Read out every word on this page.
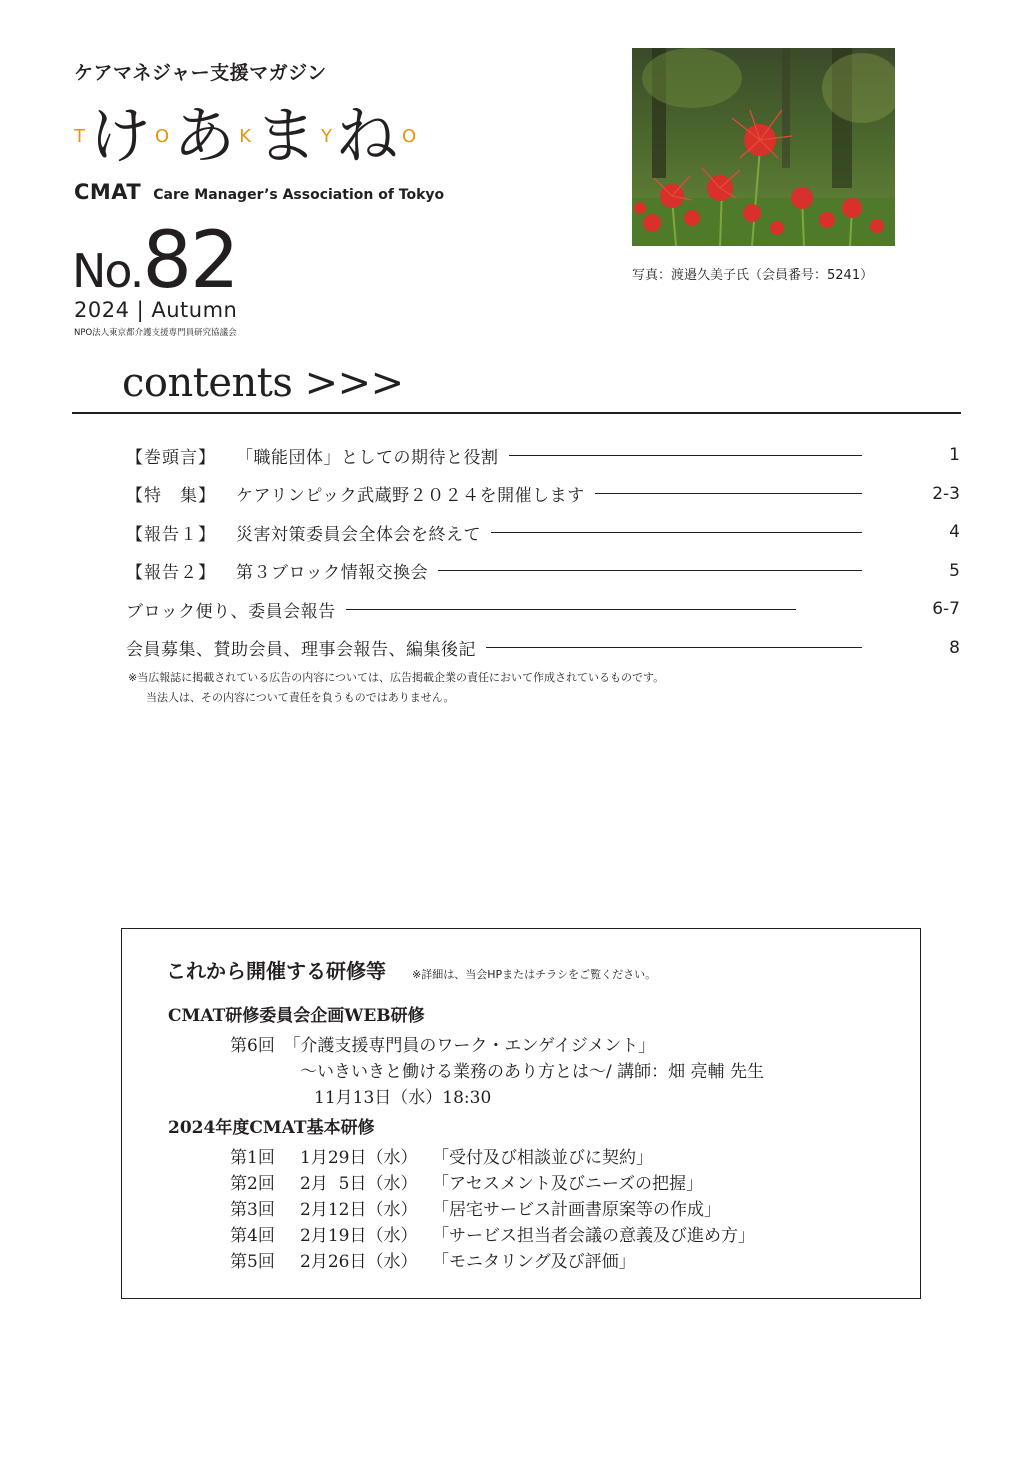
ケアマネジャー支援マガジン
T け O あ K ま Y ね O
CMAT Care Manager’s Association of Tokyo
No.82
2024 | Autumn
NPO法人東京都介護支援専門員研究協議会
写真：渡邉久美子氏（会員番号：5241）
contents >>>
【巻頭言】 「職能団体」としての期待と役割	1
【特　集】 ケアリンピック武蔵野２０２４を開催します	2-3
【報告１】 災害対策委員会全体会を終えて	4
【報告２】 第３ブロック情報交換会	5
ブロック便り、委員会報告	6-7
会員募集、賛助会員、理事会報告、編集後記	8
※当広報誌に掲載されている広告の内容については、広告掲載企業の責任において作成されているものです。
当法人は、その内容について責任を負うものではありません。
これから開催する研修等 ※詳細は、当会HPまたはチラシをご覧ください。
CMAT研修委員会企画WEB研修
第6回　「介護支援専門員のワーク・エンゲイジメント」
～いきいきと働ける業務のあり方とは～/ 講師：畑 亮輔 先生
11月13日（水）18:30
2024年度CMAT基本研修
第1回	1月29日（水） 「受付及び相談並びに契約」
第2回	2月  5日（水） 「アセスメント及びニーズの把握」
第3回	2月12日（水） 「居宅サービス計画書原案等の作成」
第4回	2月19日（水） 「サービス担当者会議の意義及び進め方」
第5回	2月26日（水） 「モニタリング及び評価」
